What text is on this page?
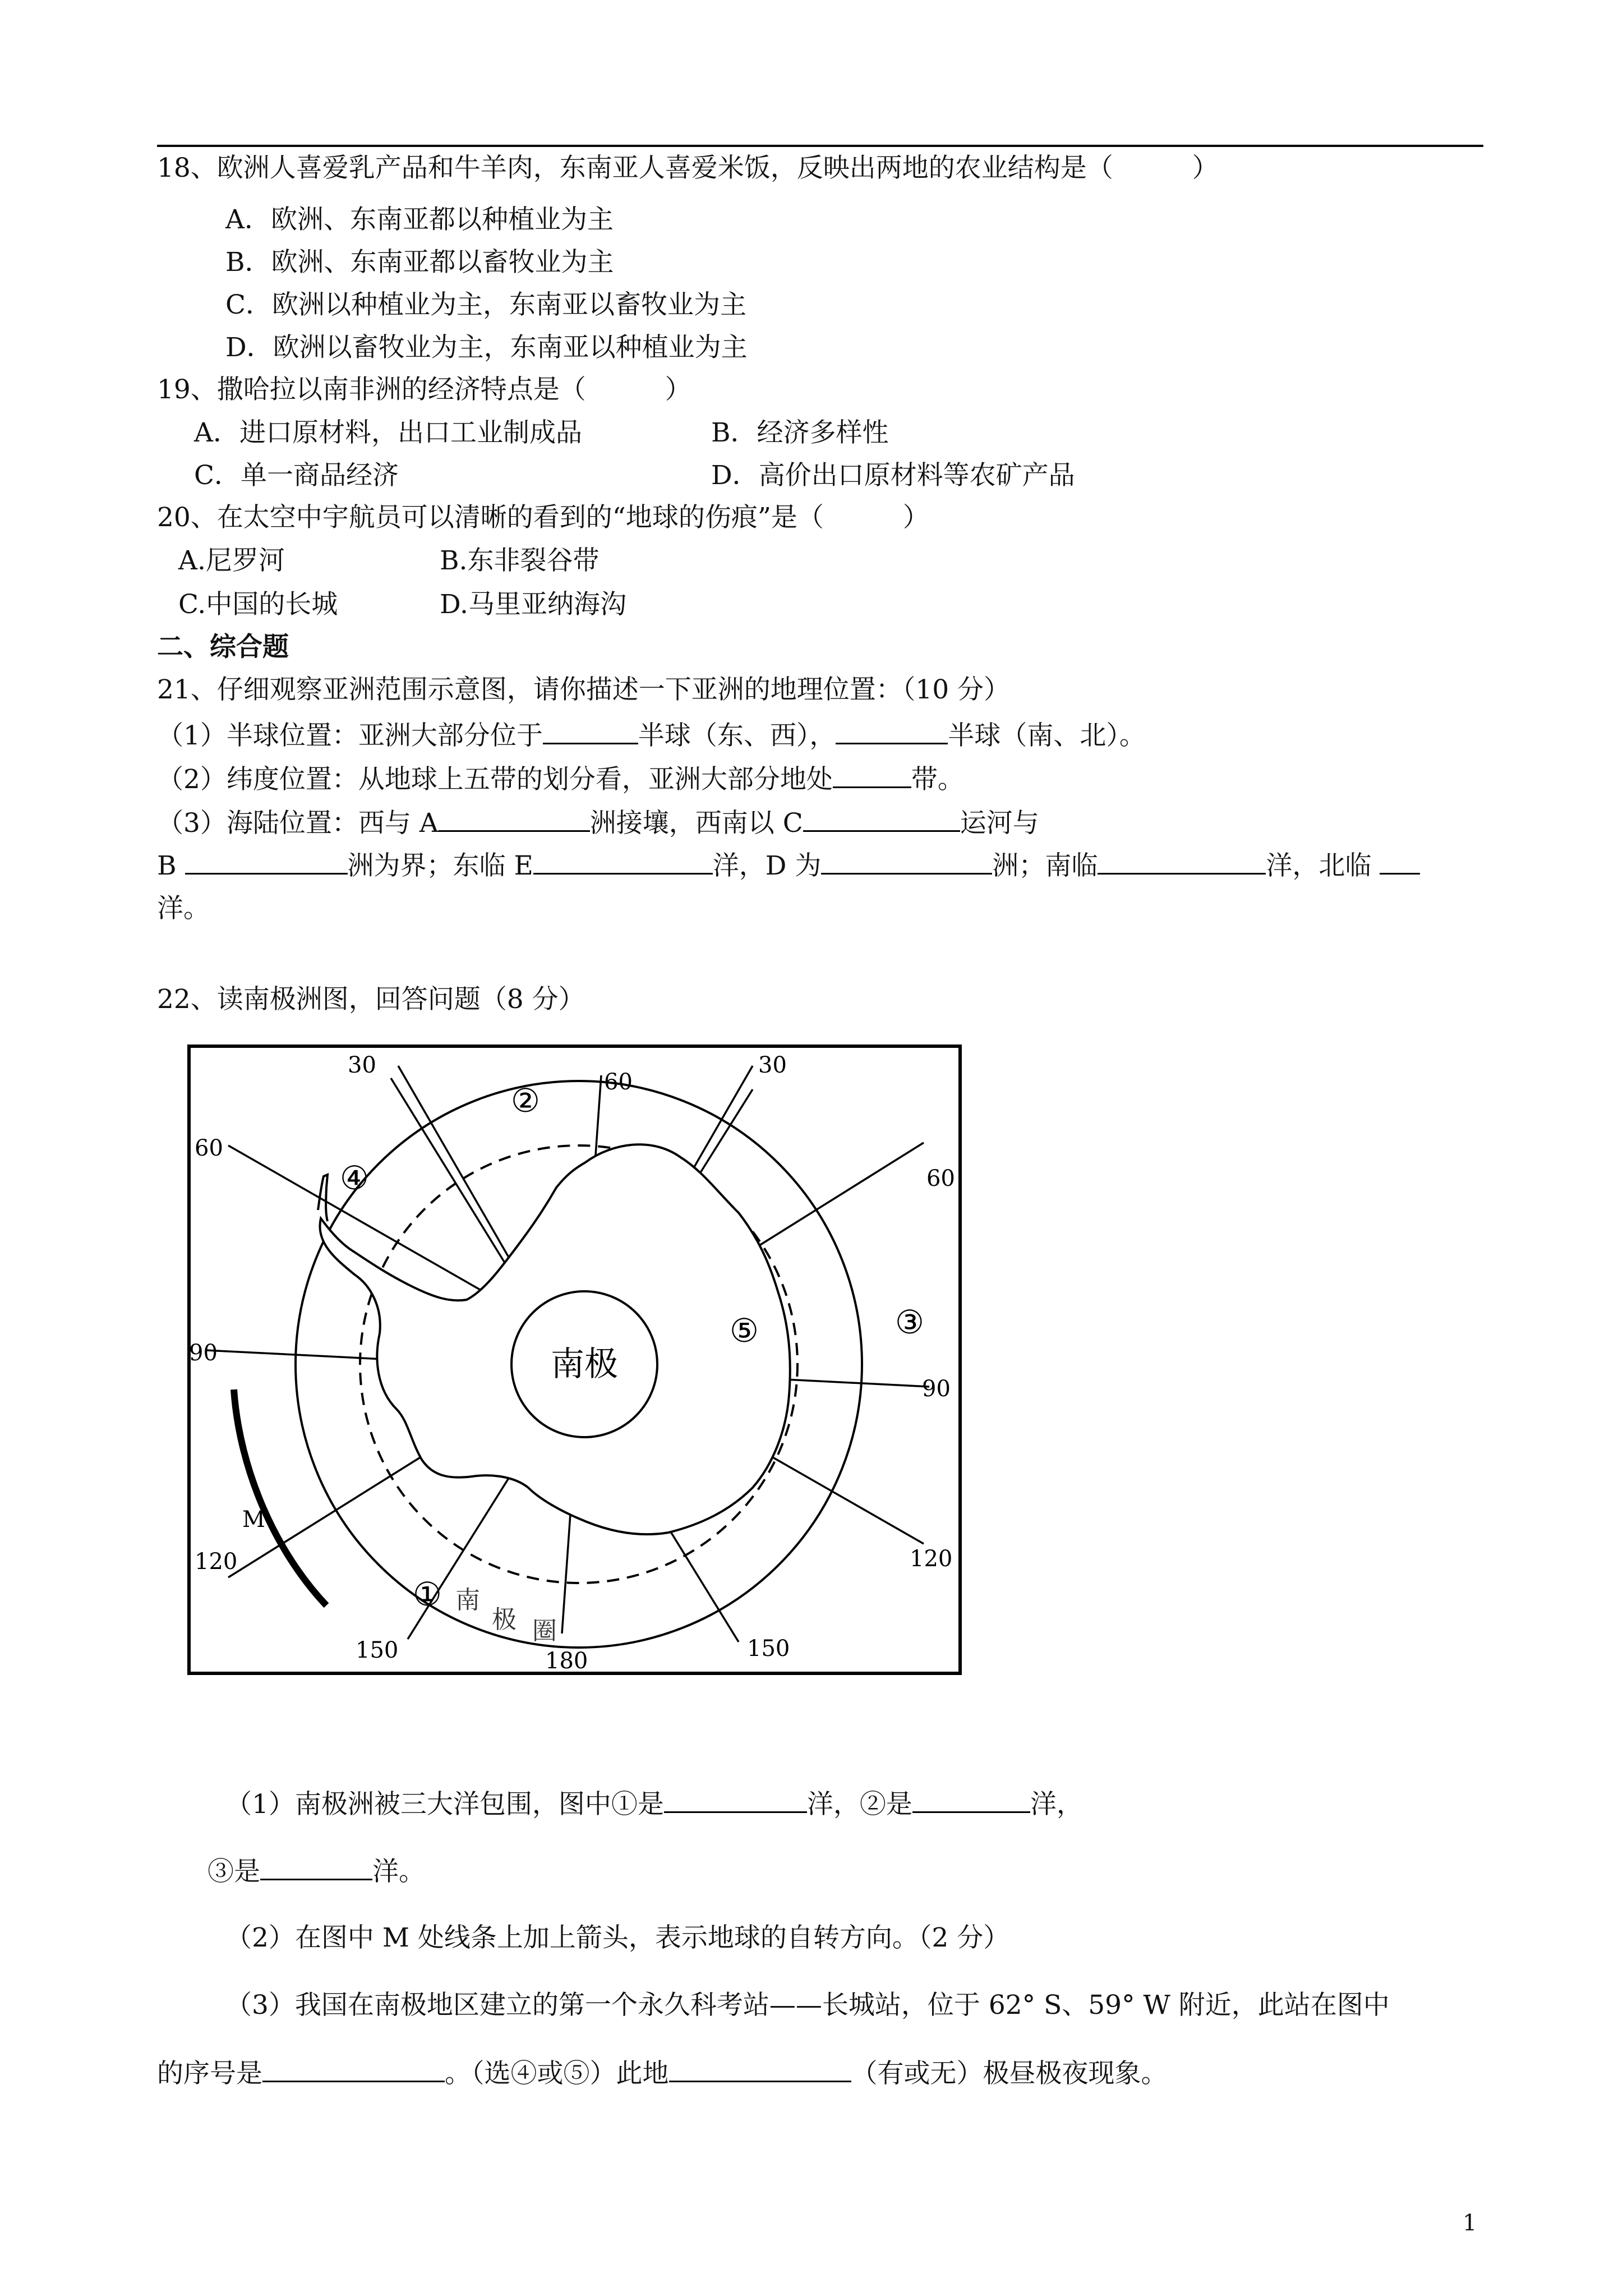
18、欧洲人喜爱乳产品和牛羊肉，东南亚人喜爱米饭，反映出两地的农业结构是（　　　）
A．欧洲、东南亚都以种植业为主
B．欧洲、东南亚都以畜牧业为主
C．欧洲以种植业为主，东南亚以畜牧业为主
D．欧洲以畜牧业为主，东南亚以种植业为主
19、撒哈拉以南非洲的经济特点是（　　　）
A．进口原材料，出口工业制成品	B．经济多样性
C．单一商品经济	D．高价出口原材料等农矿产品
20、在太空中宇航员可以清晰的看到的“地球的伤痕”是（　　　）
A.尼罗河	B.东非裂谷带
C.中国的长城	D.马里亚纳海沟
二、综合题
21、仔细观察亚洲范围示意图，请你描述一下亚洲的地理位置：（10 分）
（1）半球位置：亚洲大部分位于	半球（东、西），	半球（南、北）。
（2）纬度位置：从地球上五带的划分看，亚洲大部分地处	带。
（3）海陆位置：西与 A	洲接壤，西南以 C	运河与
B	洲为界；东临 E	洋，D 为	洲；南临	洋，北临
洋。
22、读南极洲图，回答问题（8 分）
南极
①
②
③
④
⑤
南
极 圈
M
30
60
30
60
60
90
90
120	120
150	180	150
（1）南极洲被三大洋包围，图中①是	洋，②是	洋，
③是	洋。
（2）在图中 M 处线条上加上箭头，表示地球的自转方向。（2 分）
（3）我国在南极地区建立的第一个永久科考站——长城站，位于 62° S、59° W 附近，此站在图中
的序号是	。（选④或⑤）此地	（有或无）极昼极夜现象。
1
